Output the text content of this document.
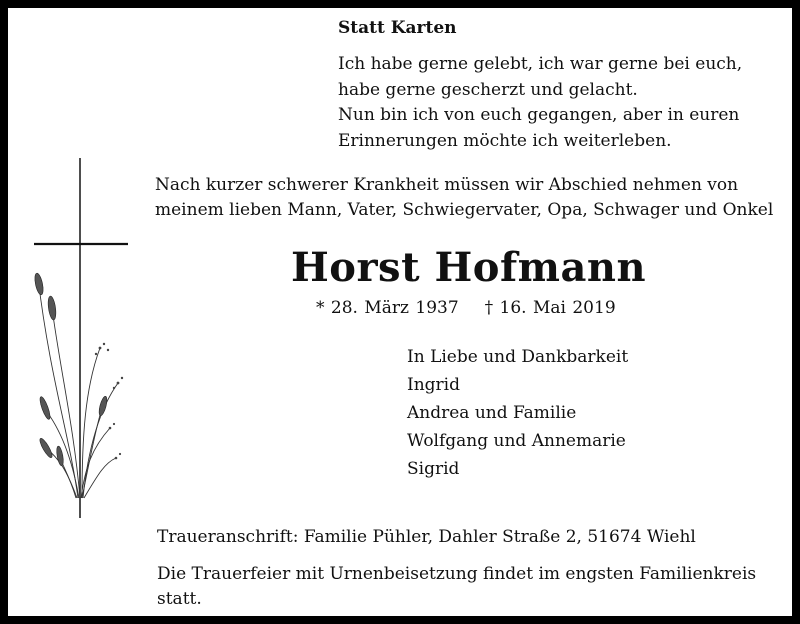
Statt Karten
Ich habe gerne gelebt, ich war gerne bei euch,
habe gerne gescherzt und gelacht.
Nun bin ich von euch gegangen, aber in euren
Erinnerungen möchte ich weiterleben.
Nach kurzer schwerer Krankheit müssen wir Abschied nehmen von
meinem lieben Mann, Vater, Schwiegervater, Opa, Schwager und Onkel
Horst Hofmann
* 28. März 1937 † 16. Mai 2019
In Liebe und Dankbarkeit
Ingrid
Andrea und Familie
Wolfgang und Annemarie
Sigrid
Traueranschrift: Familie Pühler, Dahler Straße 2, 51674 Wiehl
Die Trauerfeier mit Urnenbeisetzung findet im engsten Familienkreis statt.
